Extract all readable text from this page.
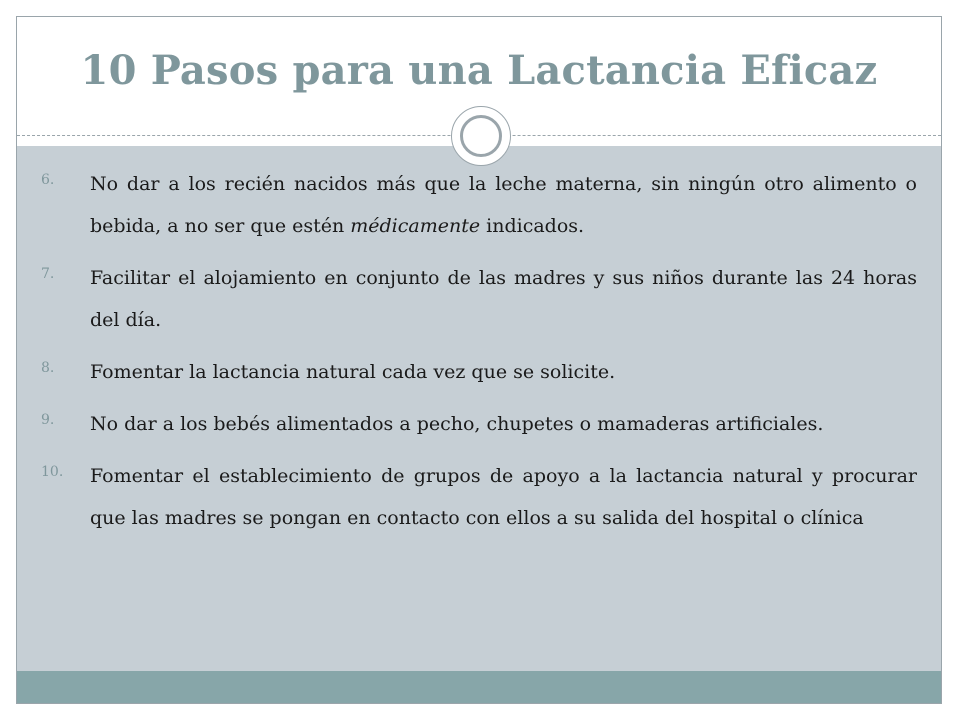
10 Pasos para una Lactancia Eficaz
6. No dar a los recién nacidos más que la leche materna, sin ningún otro alimento o bebida, a no ser que estén médicamente indicados.
7. Facilitar el alojamiento en conjunto de las madres y sus niños durante las 24 horas del día.
8. Fomentar la lactancia natural cada vez que se solicite.
9. No dar a los bebés alimentados a pecho, chupetes o mamaderas artificiales.
10. Fomentar el establecimiento de grupos de apoyo a la lactancia natural y procurar que las madres se pongan en contacto con ellos a su salida del hospital o clínica
